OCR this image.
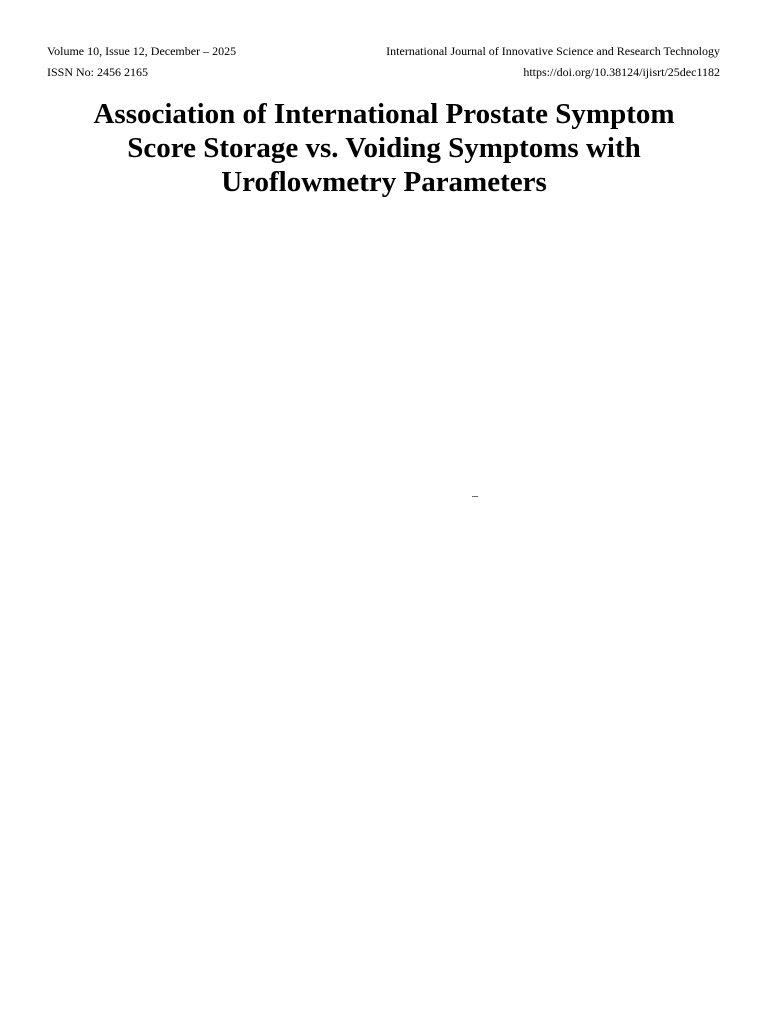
Volume 10, Issue 12, December – 2025	International Journal of Innovative Science and Research Technology
ISSN No: 2456 2165	https://doi.org/10.38124/ijisrt/25dec1182
Association of International Prostate Symptom
Score Storage vs. Voiding Symptoms with
Uroflowmetry Parameters
–
